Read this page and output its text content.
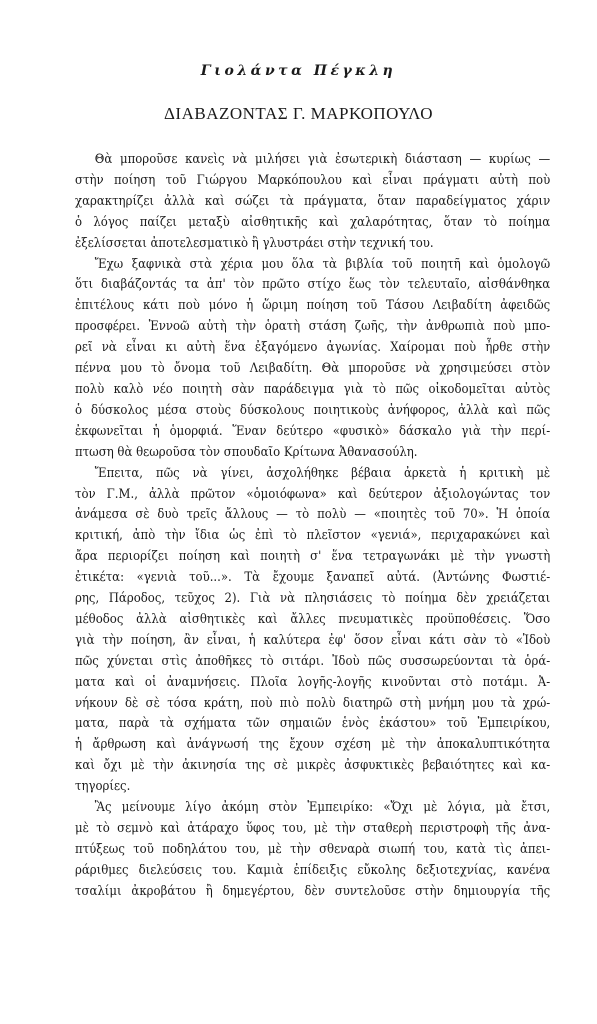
Γιολάντα Πέγκλη
ΔΙΑΒΑΖΟΝΤΑΣ Γ. ΜΑΡΚΟΠΟΥΛΟ
Θὰ μποροῦσε κανεὶς νὰ μιλήσει γιὰ ἐσωτερικὴ διάσταση — κυρίως —
στὴν ποίηση τοῦ Γιώργου Μαρκόπουλου καὶ εἶναι πράγματι αὐτὴ ποὺ
χαρακτηρίζει ἀλλὰ καὶ σώζει τὰ πράγματα, ὅταν παραδείγματος χάριν
ὁ λόγος παίζει μεταξὺ αἰσθητικῆς καὶ χαλαρότητας, ὅταν τὸ ποίημα
ἐξελίσσεται ἀποτελεσματικὸ ἢ γλυστράει στὴν τεχνική του.
Ἔχω ξαφνικὰ στὰ χέρια μου ὅλα τὰ βιβλία τοῦ ποιητῆ καὶ ὁμολογῶ
ὅτι διαβάζοντάς τα ἀπ' τὸν πρῶτο στίχο ἕως τὸν τελευταῖο, αἰσθάνθηκα
ἐπιτέλους κάτι ποὺ μόνο ἡ ὥριμη ποίηση τοῦ Τάσου Λειβαδίτη ἀφειδῶς
προσφέρει. Ἐννοῶ αὐτὴ τὴν ὁρατὴ στάση ζωῆς, τὴν ἀνθρωπιὰ ποὺ μπο-
ρεῖ νὰ εἶναι κι αὐτὴ ἕνα ἐξαγόμενο ἀγωνίας. Χαίρομαι ποὺ ἦρθε στὴν
πέννα μου τὸ ὄνομα τοῦ Λειβαδίτη. Θὰ μποροῦσε νὰ χρησιμεύσει στὸν
πολὺ καλὸ νέο ποιητὴ σὰν παράδειγμα γιὰ τὸ πῶς οἰκοδομεῖται αὐτὸς
ὁ δύσκολος μέσα στοὺς δύσκολους ποιητικοὺς ἀνήφορος, ἀλλὰ καὶ πῶς
ἐκφωνεῖται ἡ ὁμορφιά. Ἕναν δεύτερο «φυσικὸ» δάσκαλο γιὰ τὴν περί-
πτωση θὰ θεωροῦσα τὸν σπουδαῖο Κρίτωνα Ἀθανασούλη.
Ἔπειτα, πῶς νὰ γίνει, ἀσχολήθηκε βέβαια ἀρκετὰ ἡ κριτικὴ μὲ
τὸν Γ.Μ., ἀλλὰ πρῶτον «ὁμοιόφωνα» καὶ δεύτερον ἀξιολογώντας τον
ἀνάμεσα σὲ δυὸ τρεῖς ἄλλους — τὸ πολὺ — «ποιητὲς τοῦ 70». Ἡ ὁποία
κριτική, ἀπὸ τὴν ἴδια ὡς ἐπὶ τὸ πλεῖστον «γενιά», περιχαρακώνει καὶ
ἄρα περιορίζει ποίηση καὶ ποιητὴ σ' ἕνα τετραγωνάκι μὲ τὴν γνωστὴ
ἐτικέτα: «γενιὰ τοῦ...». Τὰ ἔχουμε ξαναπεῖ αὐτά. (Ἀντώνης Φωστιέ-
ρης, Πάροδος, τεῦχος 2). Γιὰ νὰ πλησιάσεις τὸ ποίημα δὲν χρειάζεται
μέθοδος ἀλλὰ αἰσθητικὲς καὶ ἄλλες πνευματικὲς προϋποθέσεις. Ὅσο
γιὰ τὴν ποίηση, ἂν εἶναι, ἡ καλύτερα ἐφ' ὅσον εἶναι κάτι σὰν τὸ «Ἰδοὺ
πῶς χύνεται στὶς ἀποθῆκες τὸ σιτάρι. Ἰδοὺ πῶς συσσωρεύονται τὰ ὁρά-
ματα καὶ οἱ ἀναμνήσεις. Πλοῖα λογῆς-λογῆς κινοῦνται στὸ ποτάμι. Ἀ-
νήκουν δὲ σὲ τόσα κράτη, ποὺ πιὸ πολὺ διατηρῶ στὴ μνήμη μου τὰ χρώ-
ματα, παρὰ τὰ σχήματα τῶν σημαιῶν ἑνὸς ἑκάστου» τοῦ Ἐμπειρίκου,
ἡ ἄρθρωση καὶ ἀνάγνωσή της ἔχουν σχέση μὲ τὴν ἀποκαλυπτικότητα
καὶ ὄχι μὲ τὴν ἀκινησία της σὲ μικρὲς ἀσφυκτικὲς βεβαιότητες καὶ κα-
τηγορίες.
Ἂς μείνουμε λίγο ἀκόμη στὸν Ἐμπειρίκο: «Ὄχι μὲ λόγια, μὰ ἔτσι,
μὲ τὸ σεμνὸ καὶ ἀτάραχο ὕφος του, μὲ τὴν σταθερὴ περιστροφὴ τῆς ἀνα-
πτύξεως τοῦ ποδηλάτου του, μὲ τὴν σθεναρὰ σιωπή του, κατὰ τὶς ἀπει-
ράριθμες διελεύσεις του. Καμιὰ ἐπίδειξις εὔκολης δεξιοτεχνίας, κανένα
τσαλίμι ἀκροβάτου ἢ δημεγέρτου, δὲν συντελοῦσε στὴν δημιουργία τῆς
